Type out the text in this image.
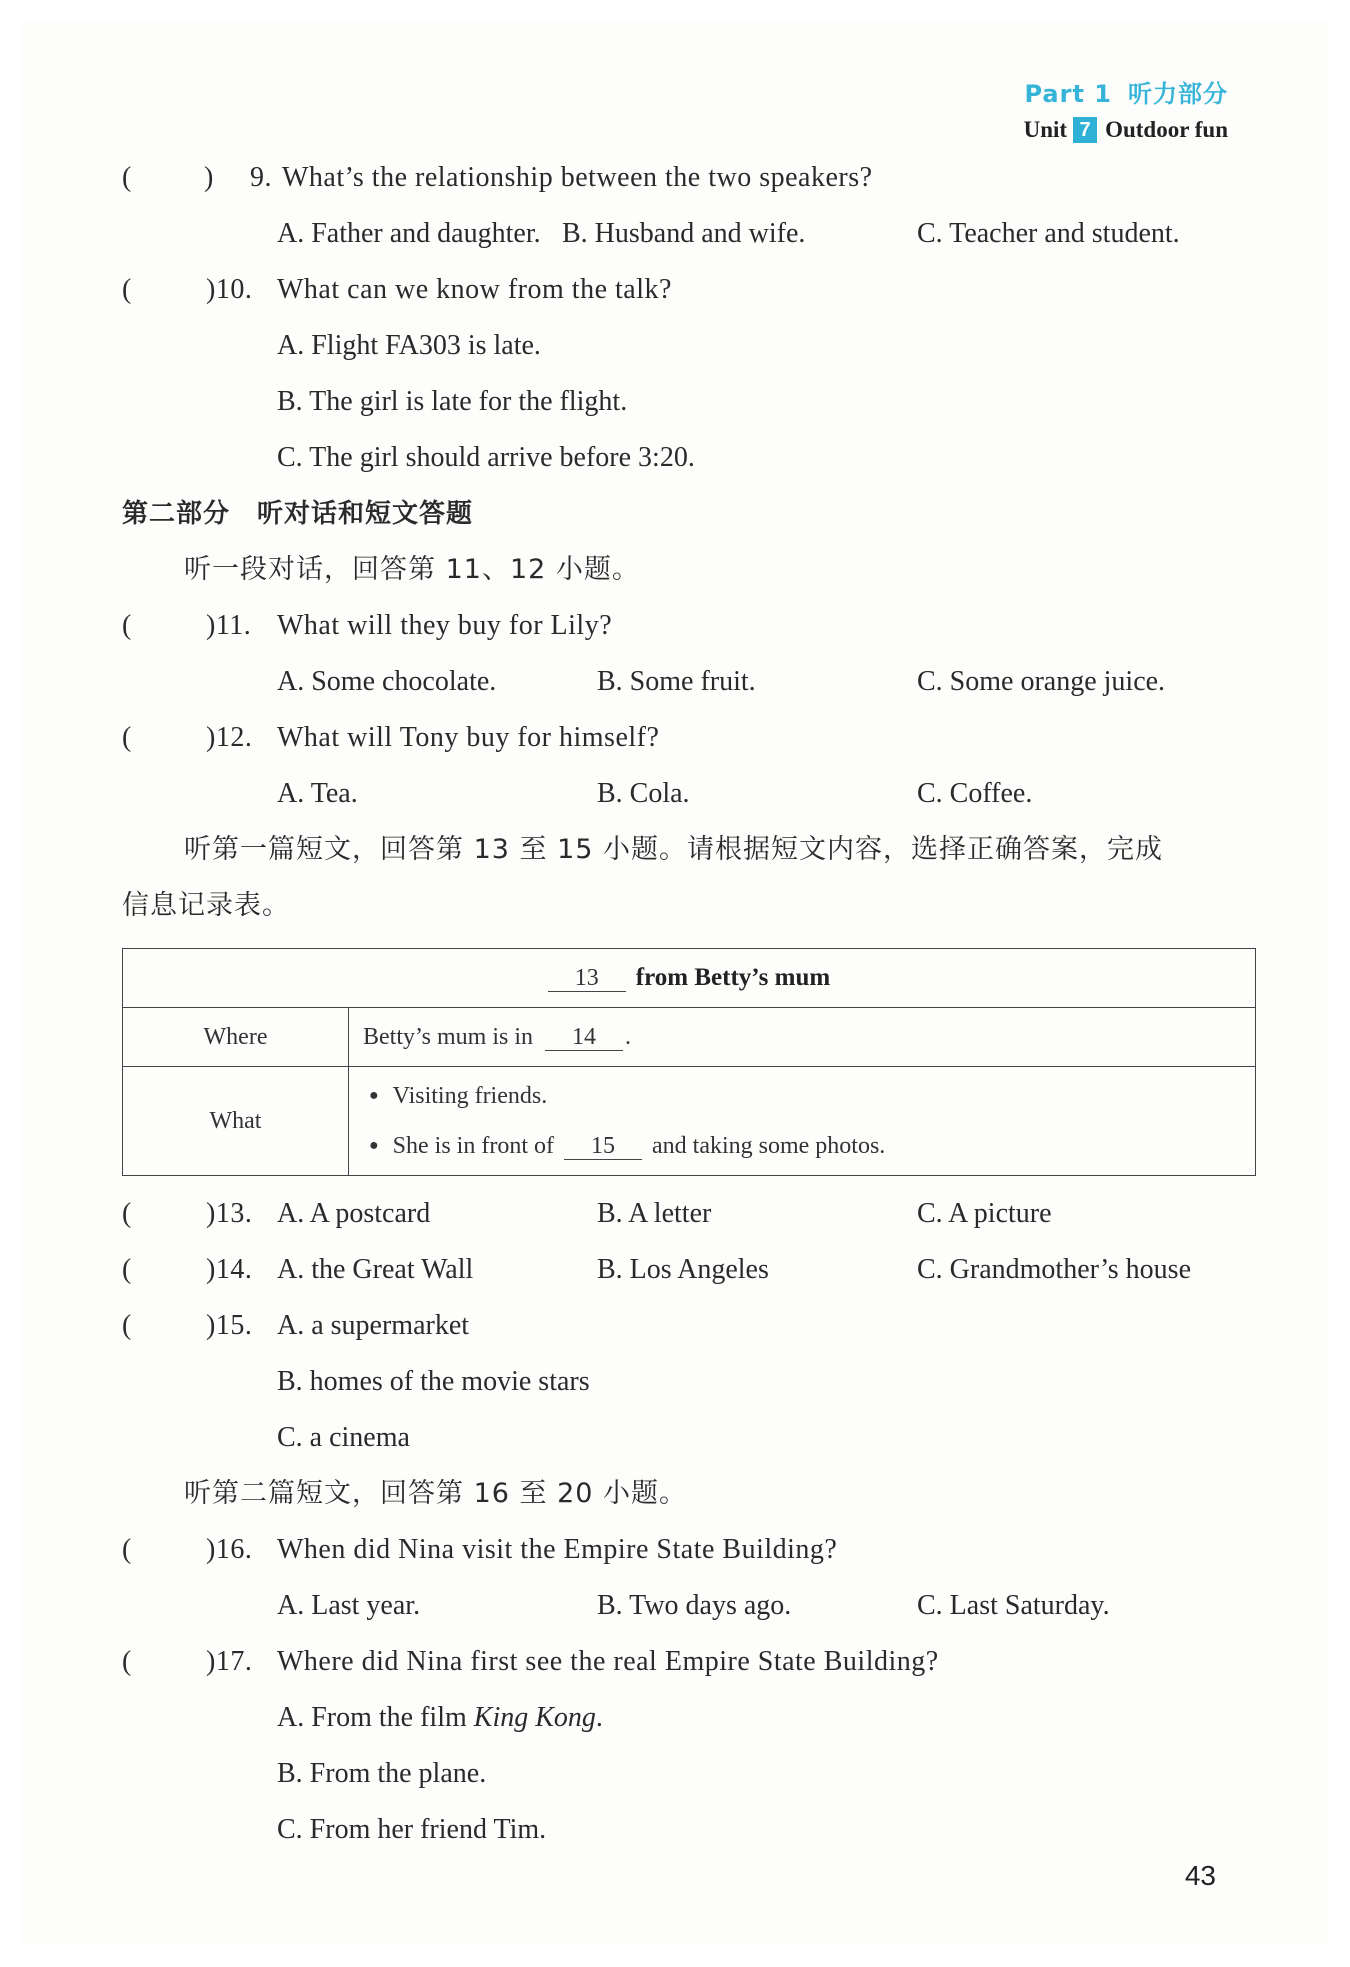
Part 1 听力部分
Unit 7 Outdoor fun
(	) 9. What’s the relationship between the two speakers?
A. Father and daughter. B. Husband and wife.	C. Teacher and student.
(	)10. What can we know from the talk?
A. Flight FA303 is late.
B. The girl is late for the flight.
C. The girl should arrive before 3:20.
第二部分　听对话和短文答题
听一段对话，回答第 11、12 小题。
(	)11. What will they buy for Lily?
A. Some chocolate.	B. Some fruit.	C. Some orange juice.
(	)12. What will Tony buy for himself?
A. Tea.	B. Cola.	C. Coffee.
听第一篇短文，回答第 13 至 15 小题。请根据短文内容，选择正确答案，完成
信息记录表。
13 from Betty’s mum	
Where	Betty’s mum is in 14 .
What	● Visiting friends.
● She is in front of 15 and taking some photos.
(	)13. A. A postcard	B. A letter	C. A picture
(	)14. A. the Great Wall	B. Los Angeles	C. Grandmother’s house
(	)15. A. a supermarket
B. homes of the movie stars
C. a cinema
听第二篇短文，回答第 16 至 20 小题。
(	)16. When did Nina visit the Empire State Building?
A. Last year.	B. Two days ago.	C. Last Saturday.
(	)17. Where did Nina first see the real Empire State Building?
A. From the film King Kong.
B. From the plane.
C. From her friend Tim.
43
